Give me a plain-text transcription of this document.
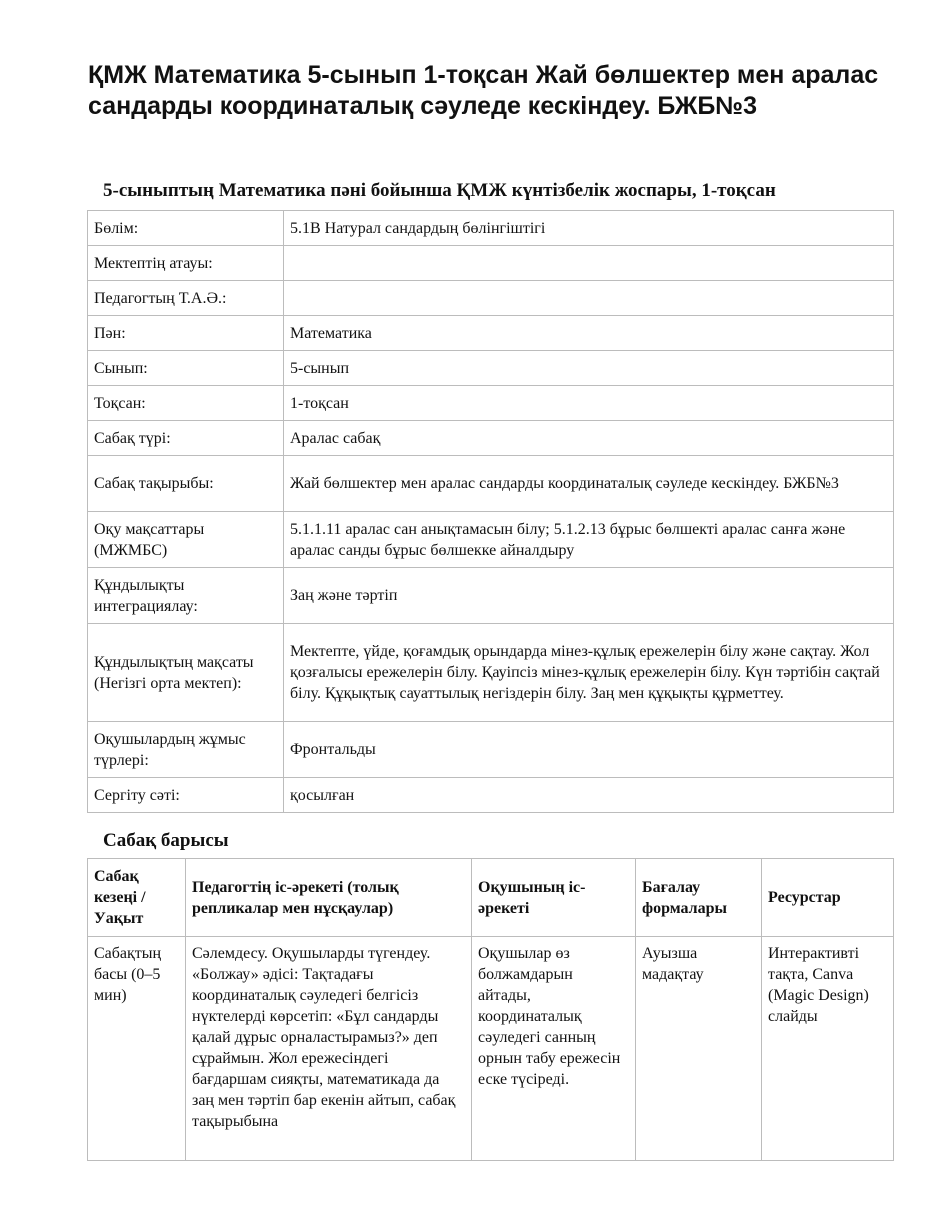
ҚМЖ Математика 5-сынып 1-тоқсан Жай бөлшектер мен аралас сандарды координаталық сәуледе кескіндеу. БЖБ№3
5-сыныптың Математика пәні бойынша ҚМЖ күнтізбелік жоспары, 1-тоқсан
Бөлім:	5.1В Натурал сандардың бөлінгіштігі
Мектептің атауы:	
Педагогтың Т.А.Ә.:	
Пән:	Математика
Сынып:	5-сынып
Тоқсан:	1-тоқсан
Сабақ түрі:	Аралас сабақ
Сабақ тақырыбы:	Жай бөлшектер мен аралас сандарды координаталық сәуледе кескіндеу. БЖБ№3
Оқу мақсаттары (МЖМБС)	5.1.1.11 аралас сан анықтамасын білу; 5.1.2.13 бұрыс бөлшекті аралас санға және аралас санды бұрыс бөлшекке айналдыру
Құндылықты интеграциялау:	Заң және тәртіп
Құндылықтың мақсаты (Негізгі орта мектеп):	Мектепте, үйде, қоғамдық орындарда мінез-құлық ережелерін білу және сақтау. Жол қозғалысы ережелерін білу. Қауіпсіз мінез-құлық ережелерін білу. Күн тәртібін сақтай білу. Құқықтық сауаттылық негіздерін білу. Заң мен құқықты құрметтеу.
Оқушылардың жұмыс түрлері:	Фронтальды
Сергіту сәті:	қосылған
Сабақ барысы
Сабақ кезеңі / Уақыт	Педагогтің іс-әрекеті (толық репликалар мен нұсқаулар)	Оқушының іс-әрекеті	Бағалау формалары	Ресурстар
Сабақтың басы (0–5 мин)	Сәлемдесу. Оқушыларды түгендеу. «Болжау» әдісі: Тақтадағы координаталық сәуледегі белгісіз нүктелерді көрсетіп: «Бұл сандарды қалай дұрыс орналастырамыз?» деп сұраймын. Жол ережесіндегі бағдаршам сияқты, математикада да заң мен тәртіп бар екенін айтып, сабақ тақырыбына	Оқушылар өз болжамдарын айтады, координаталық сәуледегі санның орнын табу ережесін еске түсіреді.	Ауызша мадақтау	Интерактивті тақта, Canva (Magic Design) слайды
